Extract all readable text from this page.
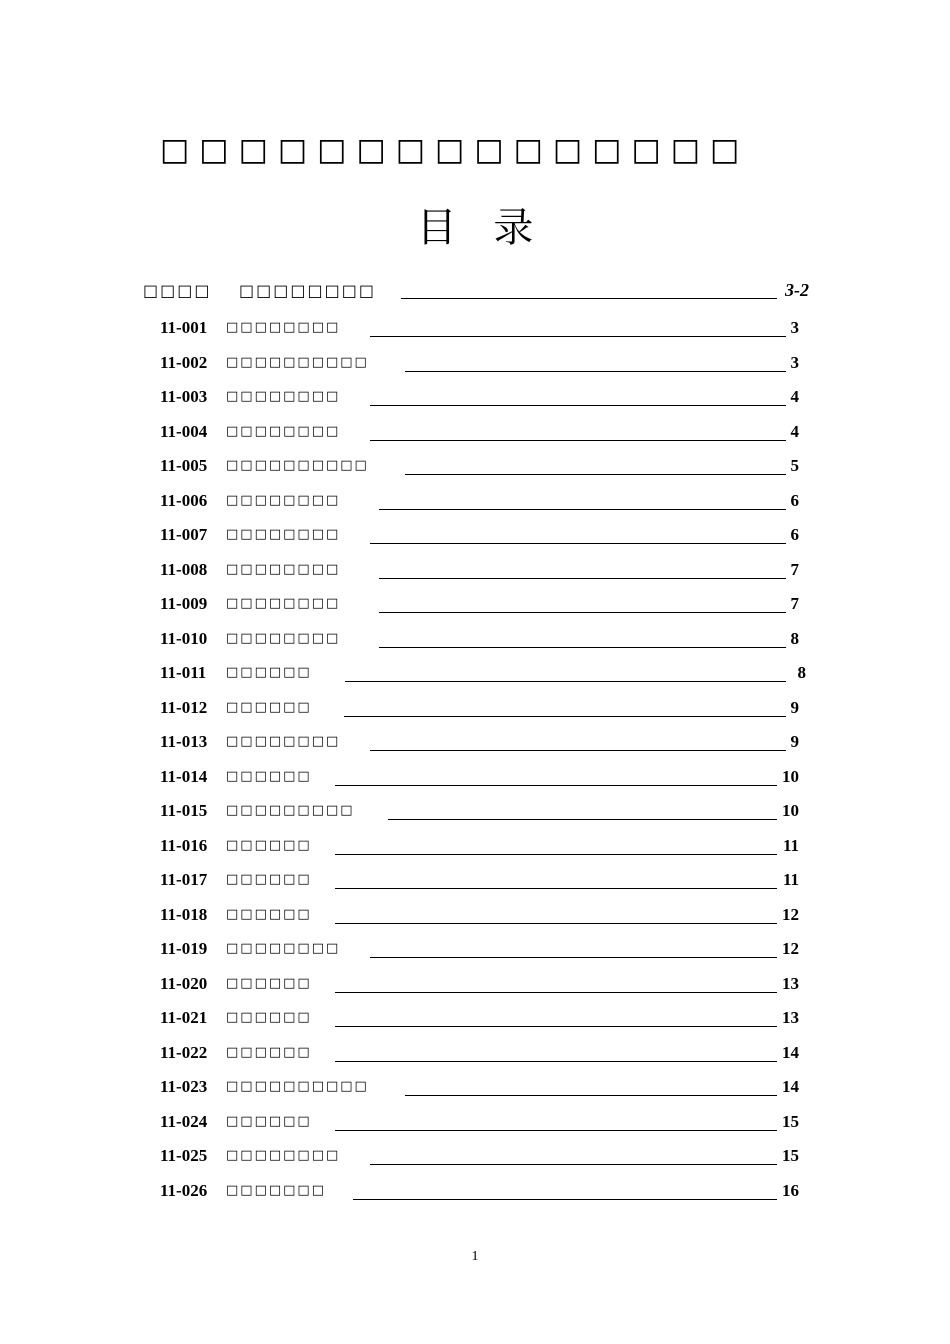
□□□□□□□□□□□□□□□
目 录
□□□□ □□□□□□□□	3-2
11-001 □□□□□□□□	3
11-002 □□□□□□□□□□	3
11-003 □□□□□□□□	4
11-004 □□□□□□□□	4
11-005 □□□□□□□□□□	5
11-006 □□□□□□□□	6
11-007 □□□□□□□□	6
11-008 □□□□□□□□	7
11-009 □□□□□□□□	7
11-010 □□□□□□□□	8
11-011 □□□□□□	8
11-012 □□□□□□	9
11-013 □□□□□□□□	9
11-014 □□□□□□	10
11-015 □□□□□□□□□	10
11-016 □□□□□□	11
11-017 □□□□□□	11
11-018 □□□□□□	12
11-019 □□□□□□□□	12
11-020 □□□□□□	13
11-021 □□□□□□	13
11-022 □□□□□□	14
11-023 □□□□□□□□□□	14
11-024 □□□□□□	15
11-025 □□□□□□□□	15
11-026 □□□□□□□	16
1
